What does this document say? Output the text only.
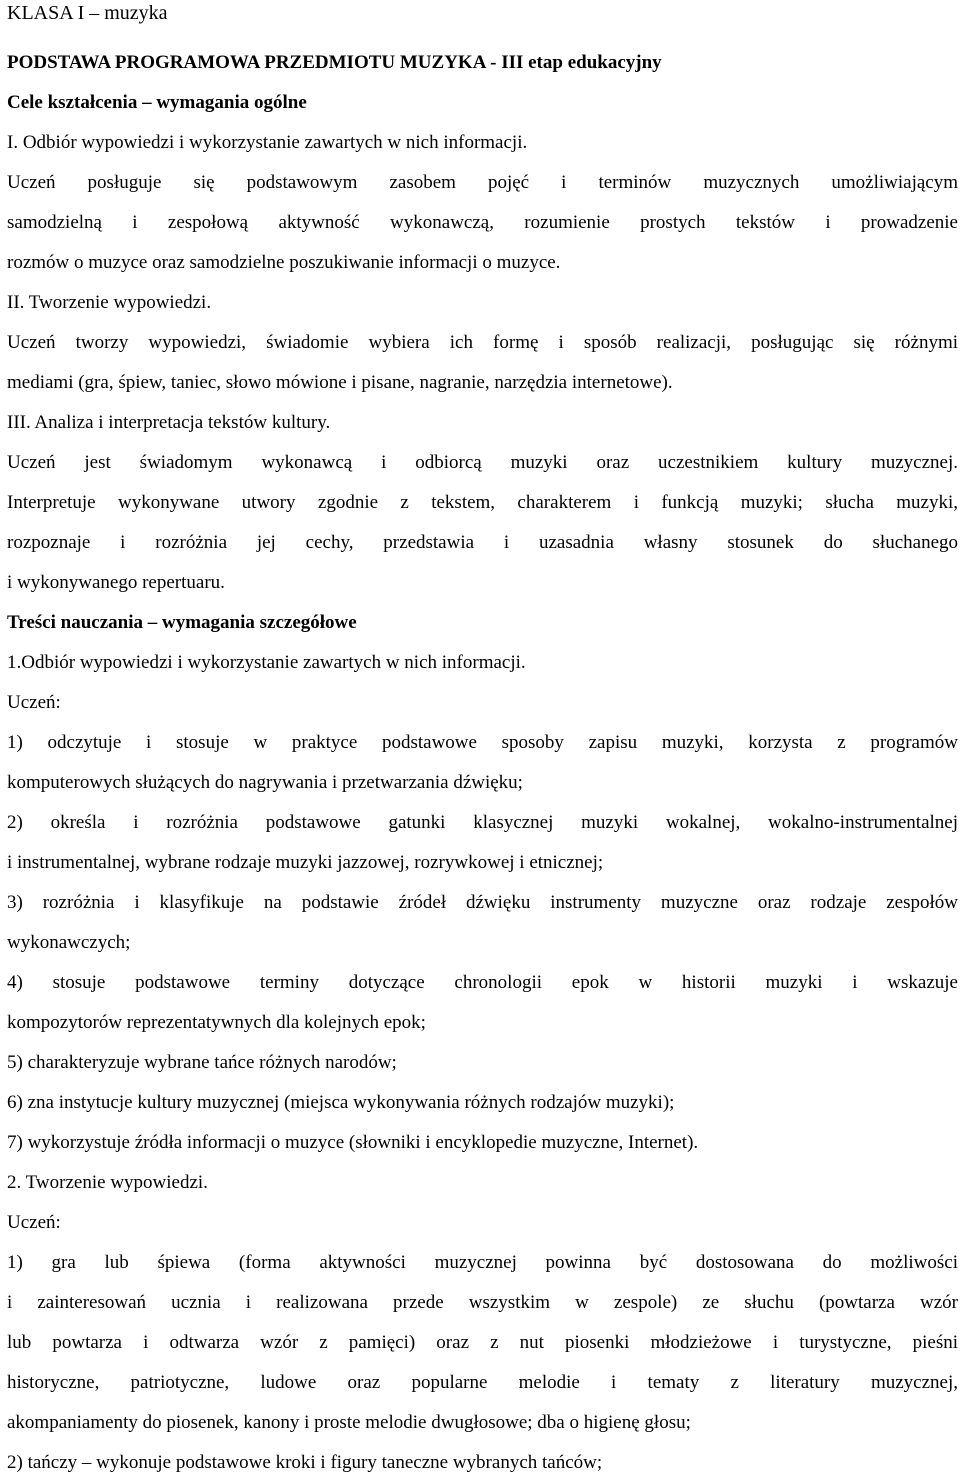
KLASA I – muzyka
PODSTAWA PROGRAMOWA PRZEDMIOTU MUZYKA - III etap edukacyjny
Cele kształcenia – wymagania ogólne
I. Odbiór wypowiedzi i wykorzystanie zawartych w nich informacji.
Uczeń posługuje się podstawowym zasobem pojęć i terminów muzycznych umożliwiającym
samodzielną i zespołową aktywność wykonawczą, rozumienie prostych tekstów i prowadzenie
rozmów o muzyce oraz samodzielne poszukiwanie informacji o muzyce.
II. Tworzenie wypowiedzi.
Uczeń tworzy wypowiedzi, świadomie wybiera ich formę i sposób realizacji, posługując się różnymi
mediami (gra, śpiew, taniec, słowo mówione i pisane, nagranie, narzędzia internetowe).
III. Analiza i interpretacja tekstów kultury.
Uczeń jest świadomym wykonawcą i odbiorcą muzyki oraz uczestnikiem kultury muzycznej.
Interpretuje wykonywane utwory zgodnie z tekstem, charakterem i funkcją muzyki; słucha muzyki,
rozpoznaje i rozróżnia jej cechy, przedstawia i uzasadnia własny stosunek do słuchanego
i wykonywanego repertuaru.
Treści nauczania – wymagania szczegółowe
1.Odbiór wypowiedzi i wykorzystanie zawartych w nich informacji.
Uczeń:
1) odczytuje i stosuje w praktyce podstawowe sposoby zapisu muzyki, korzysta z programów
komputerowych służących do nagrywania i przetwarzania dźwięku;
2) określa i rozróżnia podstawowe gatunki klasycznej muzyki wokalnej, wokalno-instrumentalnej
i instrumentalnej, wybrane rodzaje muzyki jazzowej, rozrywkowej i etnicznej;
3) rozróżnia i klasyfikuje na podstawie źródeł dźwięku instrumenty muzyczne oraz rodzaje zespołów
wykonawczych;
4) stosuje podstawowe terminy dotyczące chronologii epok w historii muzyki i wskazuje
kompozytorów reprezentatywnych dla kolejnych epok;
5) charakteryzuje wybrane tańce różnych narodów;
6) zna instytucje kultury muzycznej (miejsca wykonywania różnych rodzajów muzyki);
7) wykorzystuje źródła informacji o muzyce (słowniki i encyklopedie muzyczne, Internet).
2. Tworzenie wypowiedzi.
Uczeń:
1) gra lub śpiewa (forma aktywności muzycznej powinna być dostosowana do możliwości
i zainteresowań ucznia i realizowana przede wszystkim w zespole) ze słuchu (powtarza wzór
lub powtarza i odtwarza wzór z pamięci) oraz z nut piosenki młodzieżowe i turystyczne, pieśni
historyczne, patriotyczne, ludowe oraz popularne melodie i tematy z literatury muzycznej,
akompaniamenty do piosenek, kanony i proste melodie dwugłosowe; dba o higienę głosu;
2) tańczy – wykonuje podstawowe kroki i figury taneczne wybranych tańców;
